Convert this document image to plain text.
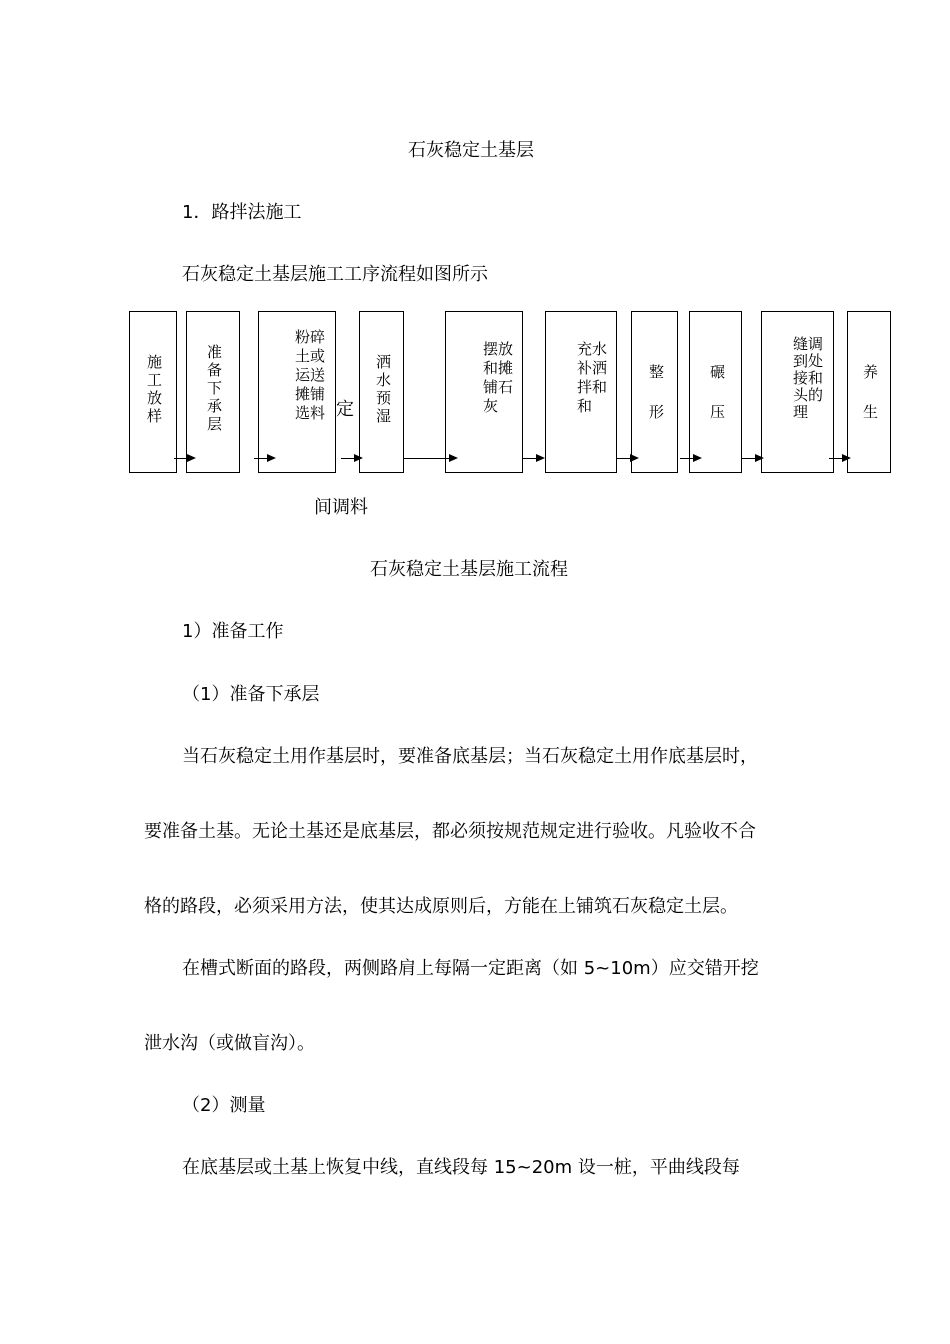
石灰稳定土基层
1．路拌法施工
石灰稳定土基层施工工序流程如图所示
施工放样	准备下承层
粉碎土或运送摊铺选料 定 洒水预湿
摆放和摊铺石灰
充水补洒拌和和	整 形	碾 压
缝调到处接和头的理	养 生
间调料
石灰稳定土基层施工流程
1）准备工作
（1）准备下承层
当石灰稳定土用作基层时，要准备底基层；当石灰稳定土用作底基层时，
要准备土基。无论土基还是底基层，都必须按规范规定进行验收。凡验收不合
格的路段，必须采用方法，使其达成原则后，方能在上铺筑石灰稳定土层。
在槽式断面的路段，两侧路肩上每隔一定距离（如 5~10m）应交错开挖
泄水沟（或做盲沟）。
（2）测量
在底基层或土基上恢复中线，直线段每 15~20m 设一桩，平曲线段每
